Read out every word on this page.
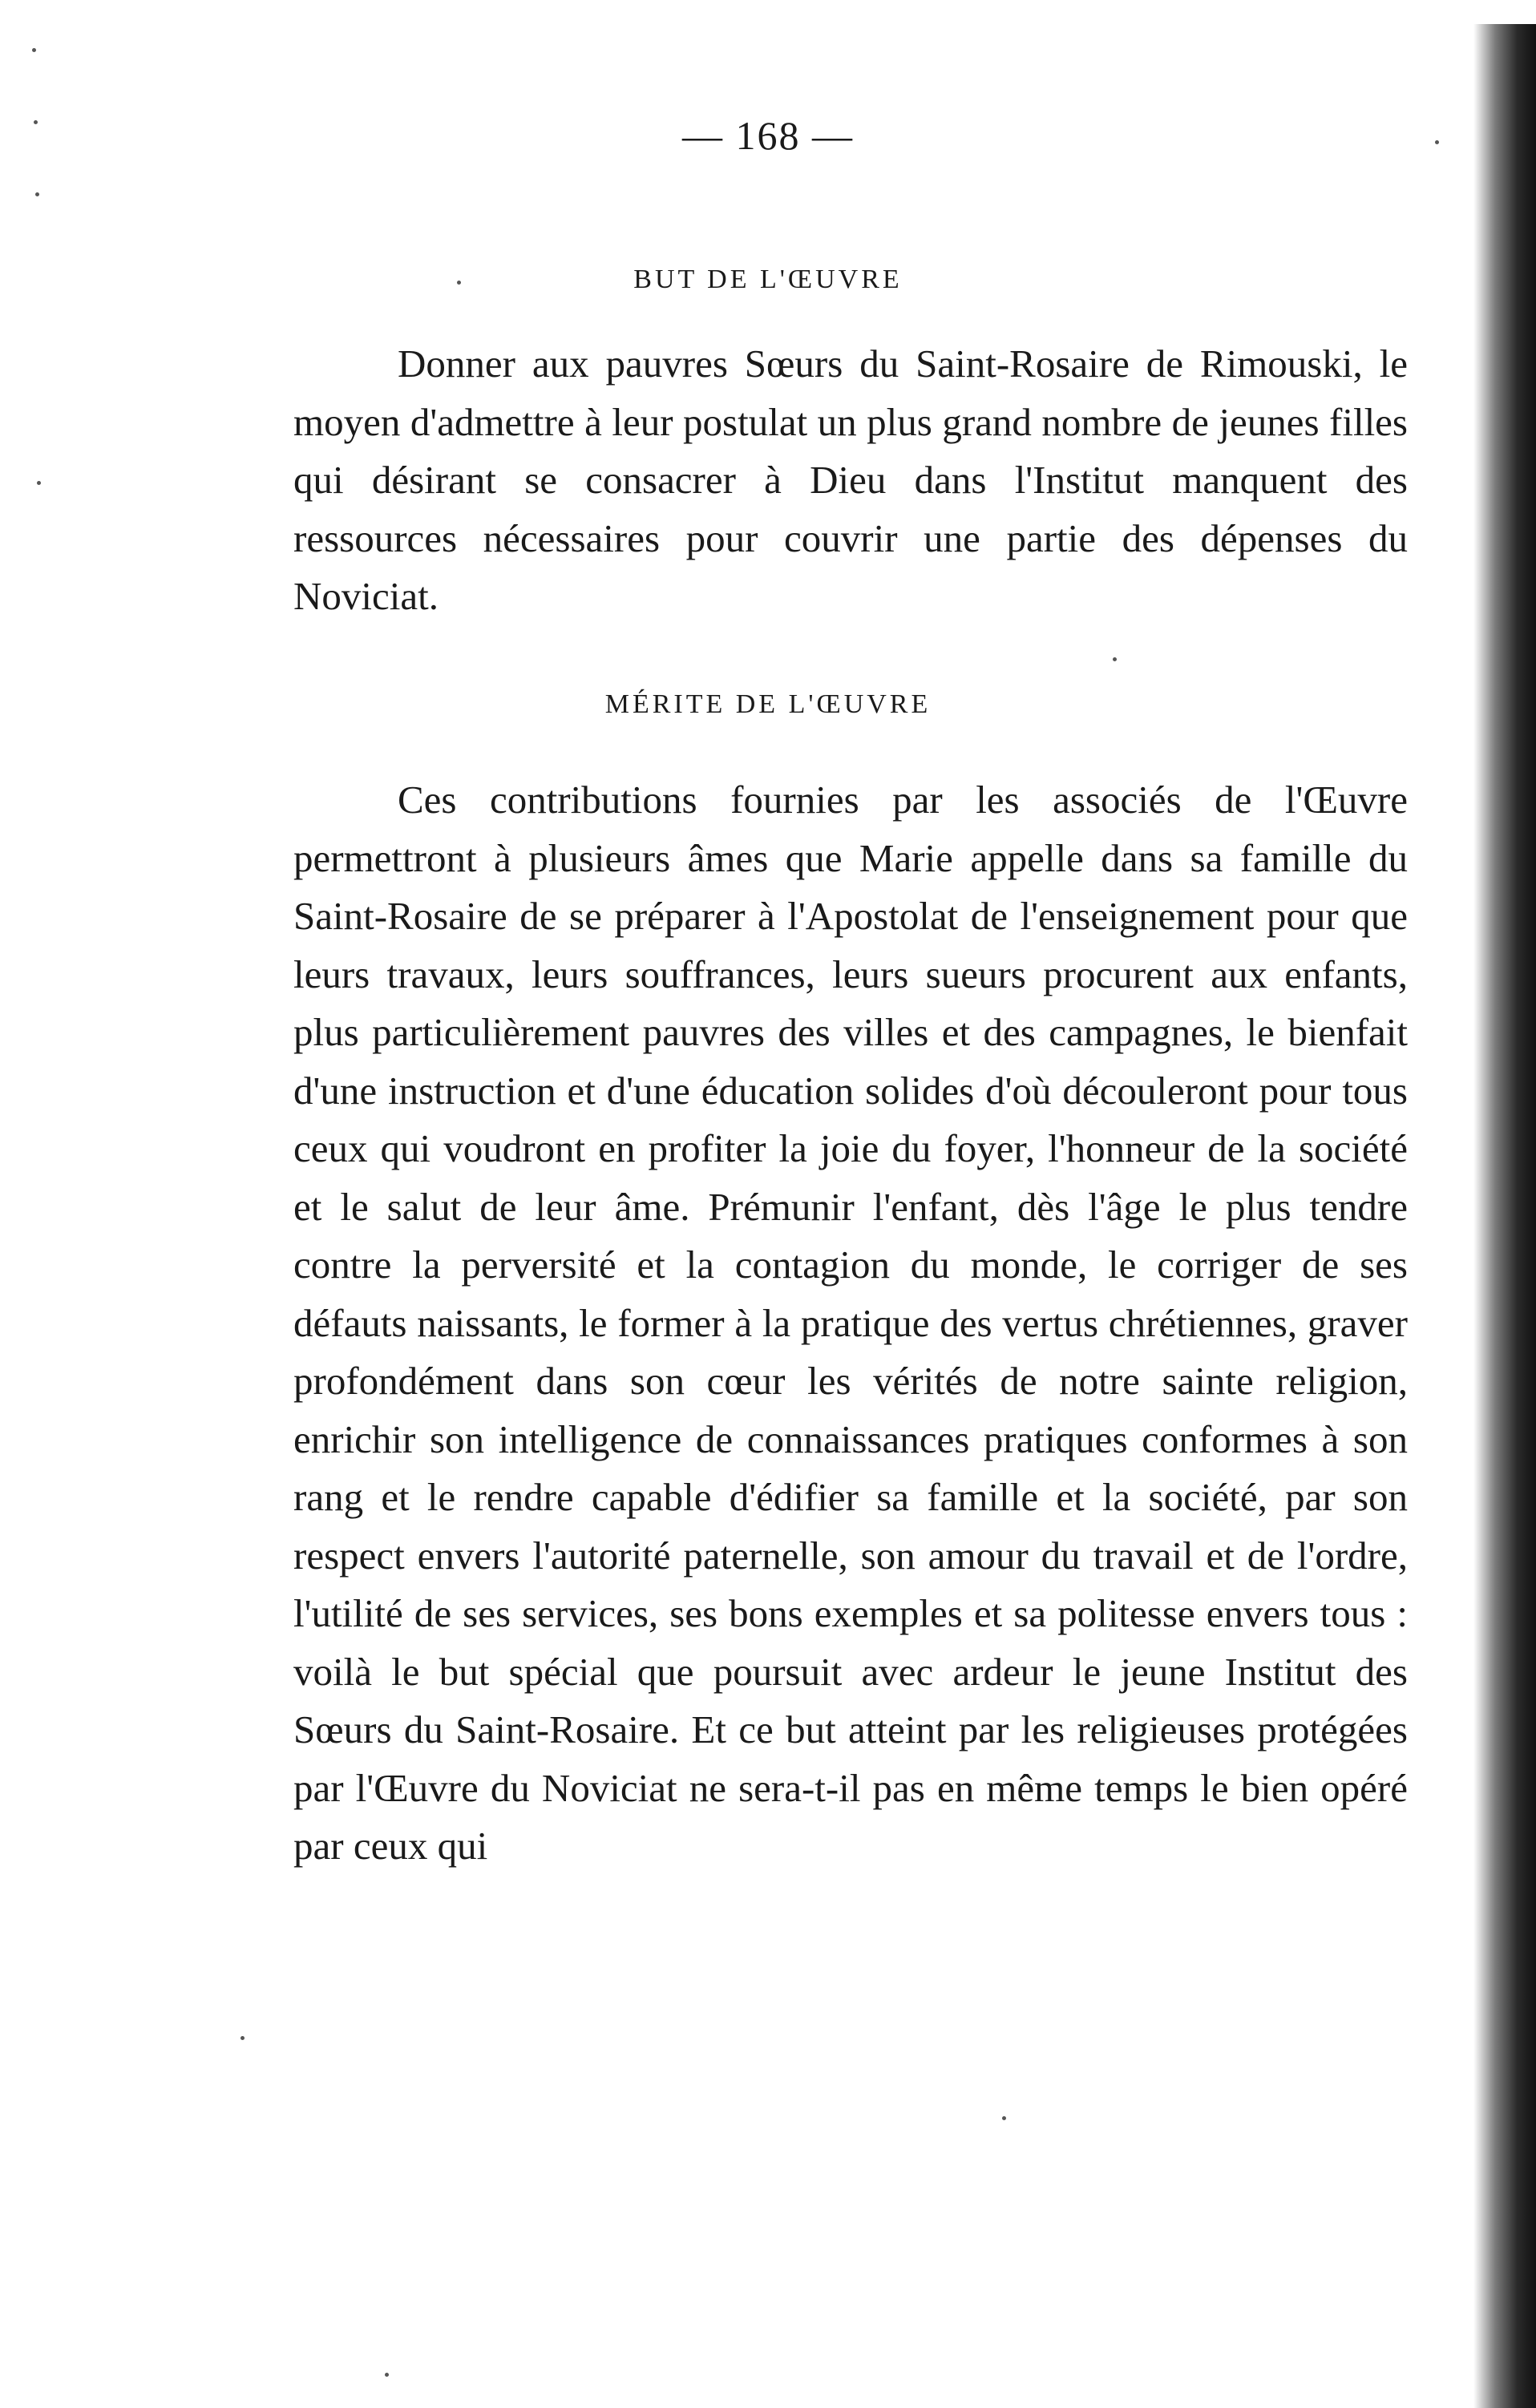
— 168 —
BUT DE L'ŒUVRE

Donner aux pauvres Sœurs du Saint-Rosaire de Rimouski, le moyen d'admettre à leur postulat un plus grand nombre de jeunes filles qui désirant se consacrer à Dieu dans l'Institut manquent des ressources nécessaires pour couvrir une partie des dépenses du Noviciat.

MÉRITE DE L'ŒUVRE

Ces contributions fournies par les associés de l'Œuvre permettront à plusieurs âmes que Marie appelle dans sa famille du Saint-Rosaire de se préparer à l'Apostolat de l'enseignement pour que leurs travaux, leurs souffrances, leurs sueurs procurent aux enfants, plus particulièrement pauvres des villes et des campagnes, le bienfait d'une instruction et d'une éducation solides d'où découleront pour tous ceux qui voudront en profiter la joie du foyer, l'honneur de la société et le salut de leur âme. Prémunir l'enfant, dès l'âge le plus tendre contre la perversité et la contagion du monde, le corriger de ses défauts naissants, le former à la pratique des vertus chrétiennes, graver profondément dans son cœur les vérités de notre sainte religion, enrichir son intelligence de connaissances pratiques conformes à son rang et le rendre capable d'édifier sa famille et la société, par son respect envers l'autorité paternelle, son amour du travail et de l'ordre, l'utilité de ses services, ses bons exemples et sa politesse envers tous : voilà le but spécial que poursuit avec ardeur le jeune Institut des Sœurs du Saint-Rosaire. Et ce but atteint par les religieuses protégées par l'Œuvre du Noviciat ne sera-t-il pas en même temps le bien opéré par ceux qui
